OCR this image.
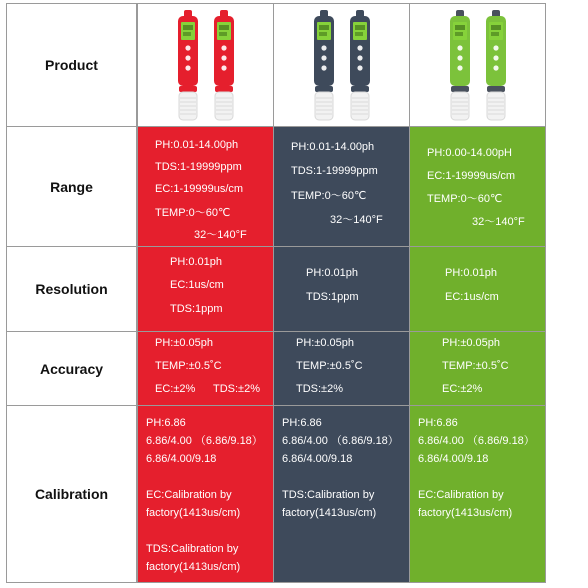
Product
Range
PH:0.01-14.00ph
TDS:1-19999ppm
EC:1-19999us/cm
TEMP:0～60℃
32～140°F
PH:0.01-14.00ph
TDS:1-19999ppm
TEMP:0～60℃
32～140°F
PH:0.00-14.00pH
EC:1-19999us/cm
TEMP:0～60℃
32～140°F
Resolution
PH:0.01ph
EC:1us/cm
TDS:1ppm
PH:0.01ph
TDS:1ppm
PH:0.01ph
EC:1us/cm
Accuracy
PH:±0.05ph
TEMP:±0.5˚C
EC:±2% TDS:±2%
PH:±0.05ph
TEMP:±0.5˚C
TDS:±2%
PH:±0.05ph
TEMP:±0.5˚C
EC:±2%
Calibration
PH:6.86
6.86/4.00 （6.86/9.18）
6.86/4.00/9.18
EC:Calibration by
factory(1413us/cm)
TDS:Calibration by
factory(1413us/cm)
PH:6.86
6.86/4.00 （6.86/9.18）
6.86/4.00/9.18
TDS:Calibration by
factory(1413us/cm)
PH:6.86
6.86/4.00 （6.86/9.18）
6.86/4.00/9.18
EC:Calibration by
factory(1413us/cm)
